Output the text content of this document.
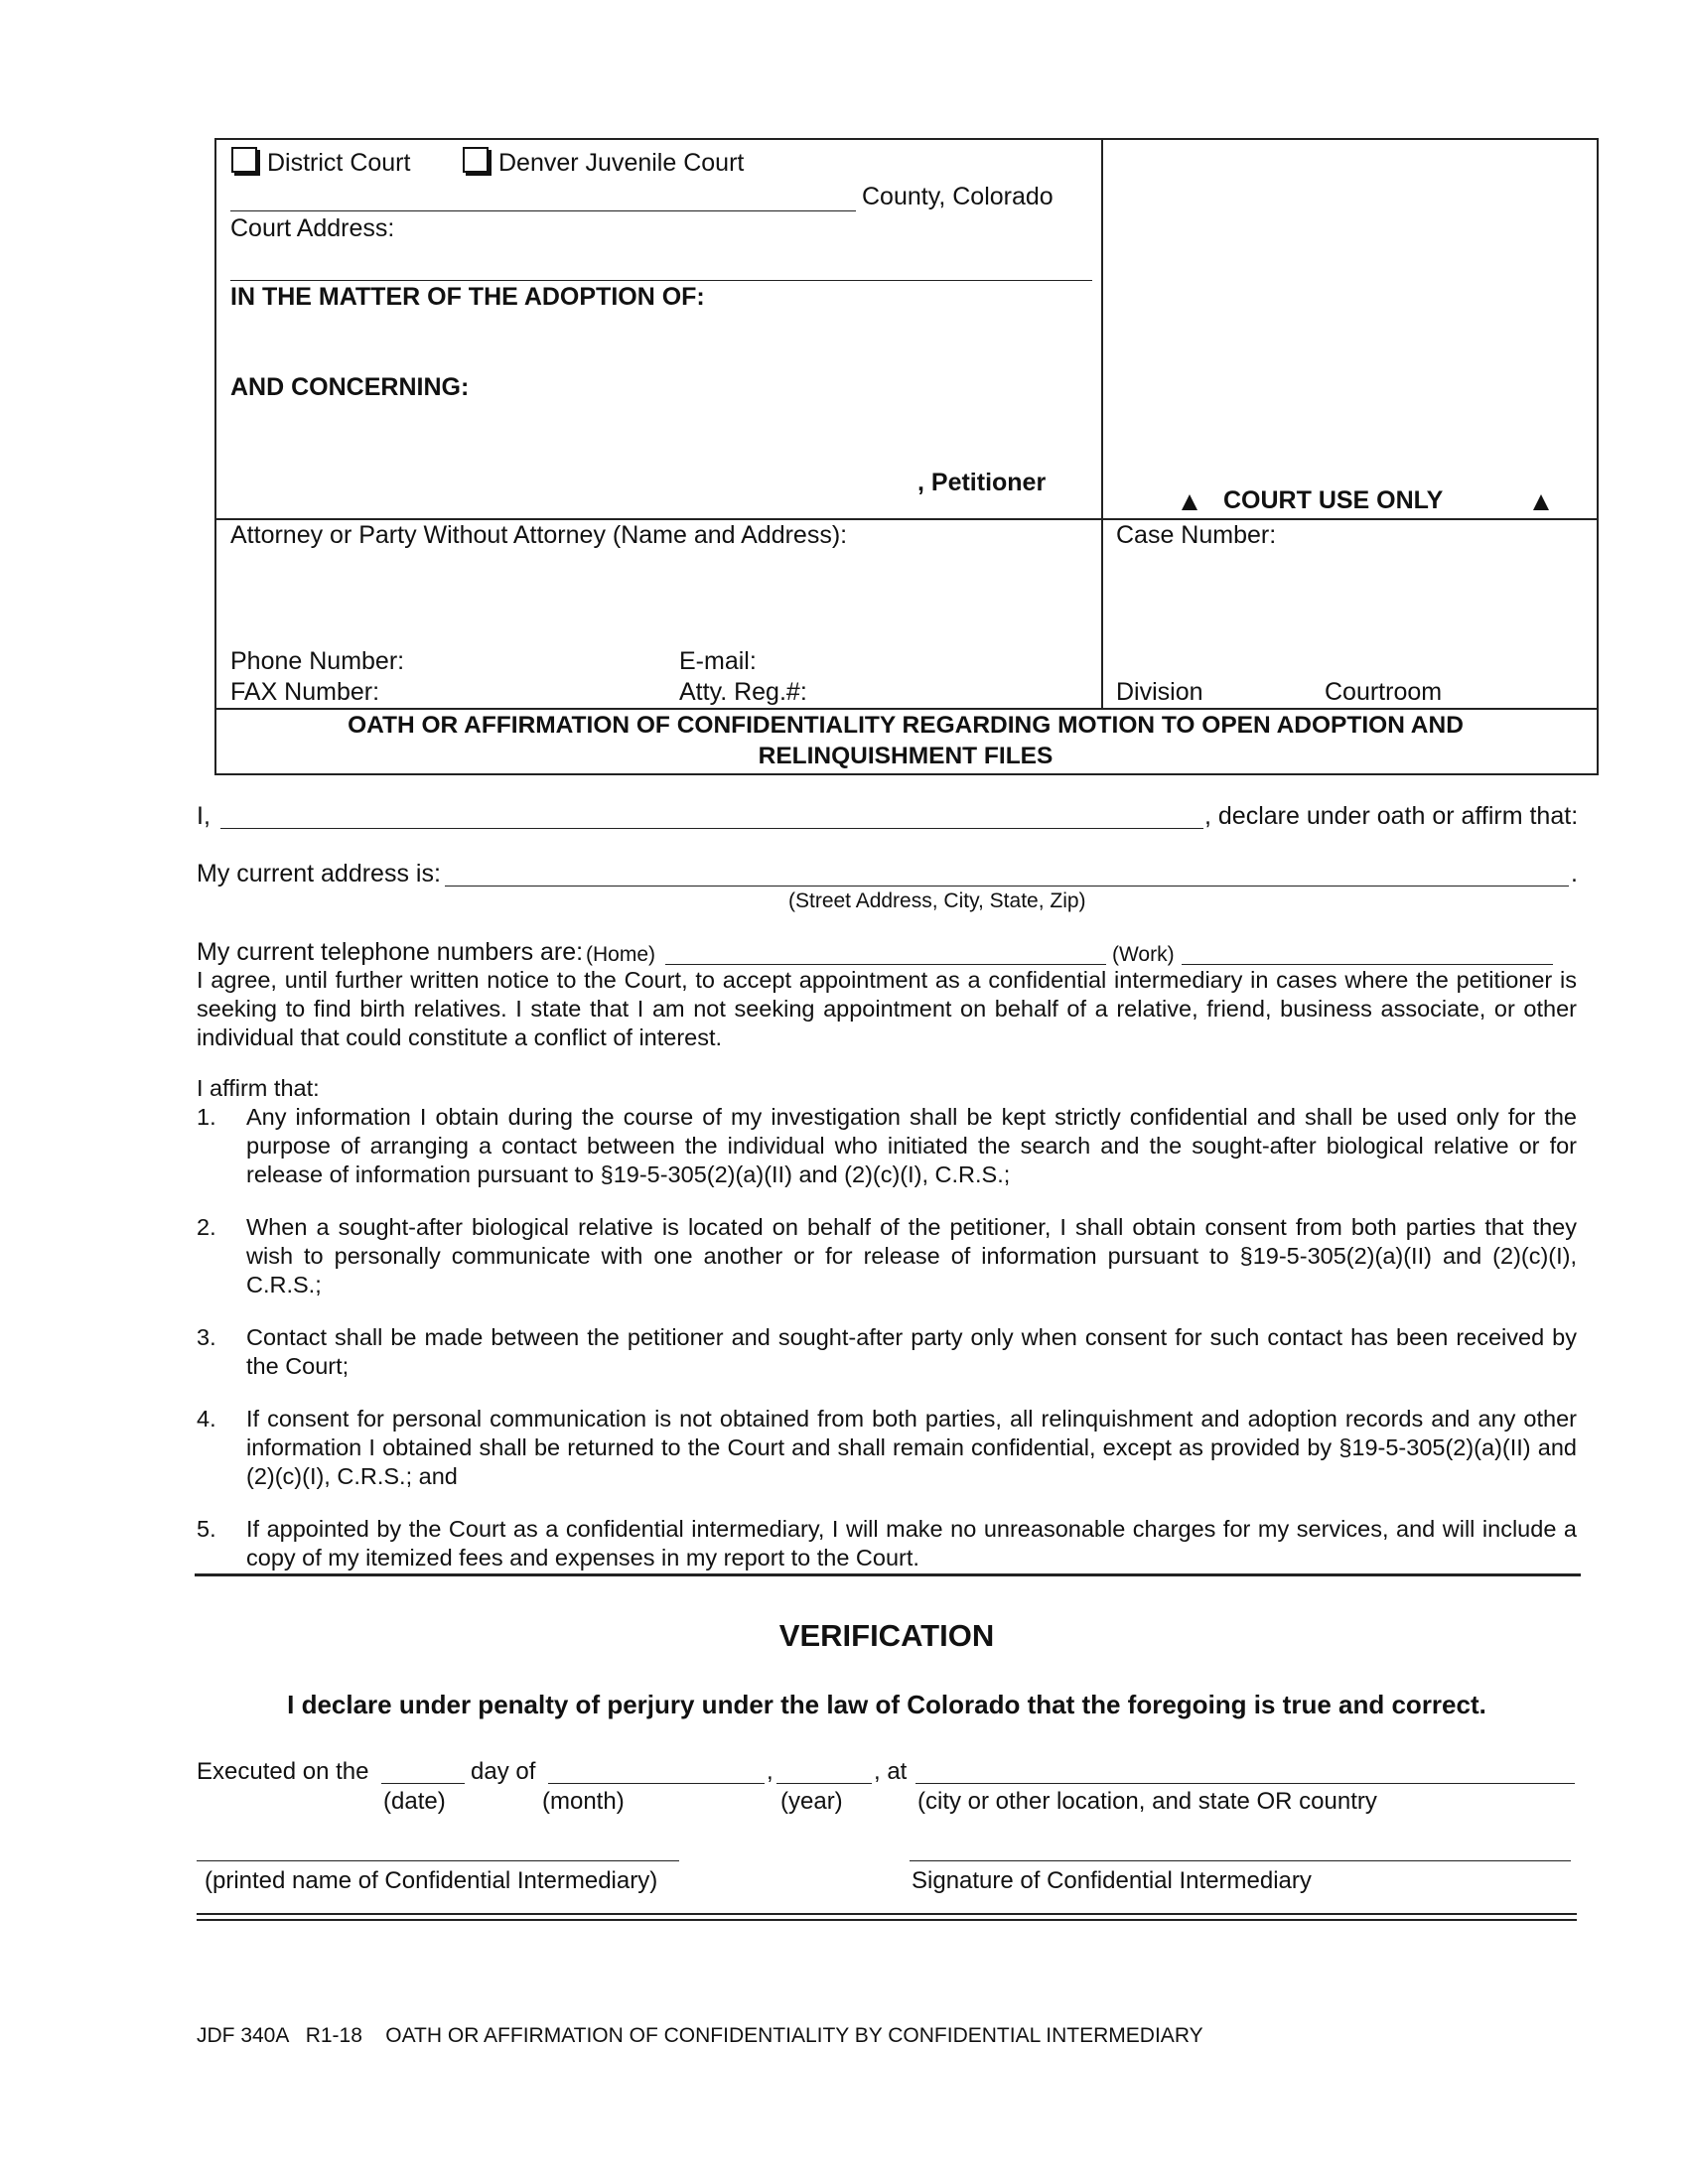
District Court	Denver Juvenile Court
County, Colorado
Court Address:
IN THE MATTER OF THE ADOPTION OF:
AND CONCERNING:
, Petitioner
COURT USE ONLY
Attorney or Party Without Attorney (Name and Address):
Phone Number:	E-mail:
FAX Number:	Atty. Reg.#:
Case Number:
Division	Courtroom
OATH OR AFFIRMATION OF CONFIDENTIALITY REGARDING MOTION TO OPEN ADOPTION AND
RELINQUISHMENT FILES
I,	, declare under oath or affirm that:
My current address is:	.
(Street Address, City, State, Zip)
My current telephone numbers are: (Home)	(Work)
I agree, until further written notice to the Court, to accept appointment as a confidential intermediary in cases where the petitioner is seeking to find birth relatives. I state that I am not seeking appointment on behalf of a relative, friend, business associate, or other individual that could constitute a conflict of interest.
I affirm that:
1. Any information I obtain during the course of my investigation shall be kept strictly confidential and shall be used only for the purpose of arranging a contact between the individual who initiated the search and the sought-after biological relative or for release of information pursuant to §19-5-305(2)(a)(II) and (2)(c)(I), C.R.S.;
2. When a sought-after biological relative is located on behalf of the petitioner, I shall obtain consent from both parties that they wish to personally communicate with one another or for release of information pursuant to §19-5-305(2)(a)(II) and (2)(c)(I), C.R.S.;
3. Contact shall be made between the petitioner and sought-after party only when consent for such contact has been received by the Court;
4. If consent for personal communication is not obtained from both parties, all relinquishment and adoption records and any other information I obtained shall be returned to the Court and shall remain confidential, except as provided by §19-5-305(2)(a)(II) and (2)(c)(I), C.R.S.; and
5. If appointed by the Court as a confidential intermediary, I will make no unreasonable charges for my services, and will include a copy of my itemized fees and expenses in my report to the Court.
VERIFICATION
I declare under penalty of perjury under the law of Colorado that the foregoing is true and correct.
Executed on the	day of	,	, at
(date)	(month)	(year)	(city or other location, and state OR country
(printed name of Confidential Intermediary)	Signature of Confidential Intermediary
JDF 340A   R1-18    OATH OR AFFIRMATION OF CONFIDENTIALITY BY CONFIDENTIAL INTERMEDIARY
